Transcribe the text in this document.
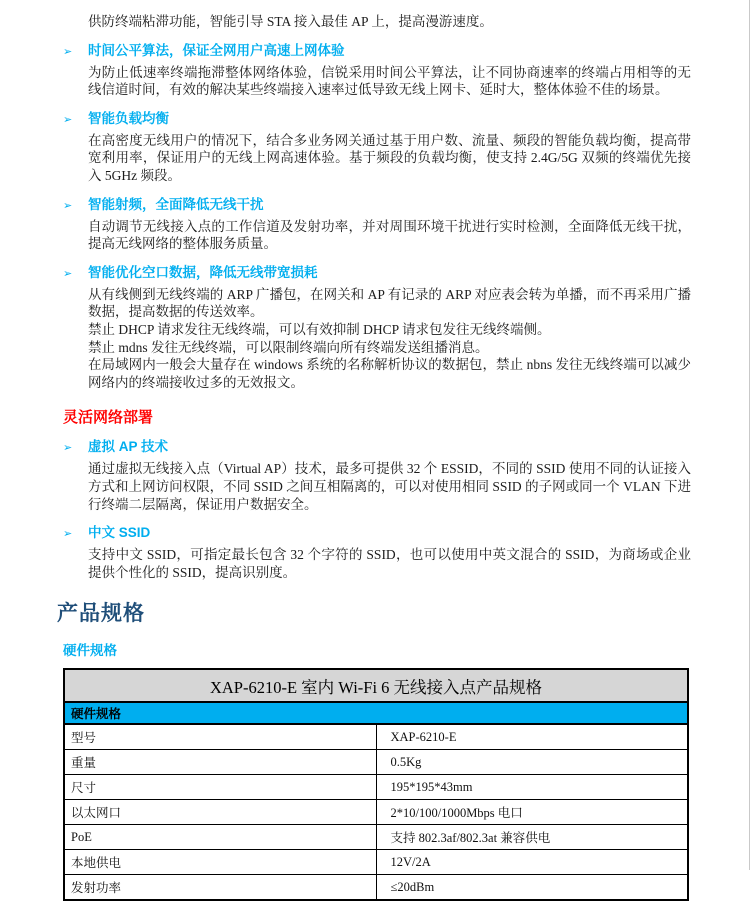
供防终端粘滞功能，智能引导 STA 接入最佳 AP 上，提高漫游速度。

➢	时间公平算法，保证全网用户高速上网体验

为防止低速率终端拖滞整体网络体验，信锐采用时间公平算法，让不同协商速率的终端占用相等的无线信道时间，有效的解决某些终端接入速率过低导致无线上网卡、延时大，整体体验不佳的场景。

➢	智能负载均衡

在高密度无线用户的情况下，结合多业务网关通过基于用户数、流量、频段的智能负载均衡，提高带宽利用率，保证用户的无线上网高速体验。基于频段的负载均衡，使支持 2.4G/5G 双频的终端优先接入 5GHz 频段。

➢	智能射频，全面降低无线干扰

自动调节无线接入点的工作信道及发射功率，并对周围环境干扰进行实时检测，全面降低无线干扰，提高无线网络的整体服务质量。

➢	智能优化空口数据，降低无线带宽损耗

从有线侧到无线终端的 ARP 广播包，在网关和 AP 有记录的 ARP 对应表会转为单播，而不再采用广播数据，提高数据的传送效率。

禁止 DHCP 请求发往无线终端，可以有效抑制 DHCP 请求包发往无线终端侧。

禁止 mdns 发往无线终端，可以限制终端向所有终端发送组播消息。

在局域网内一般会大量存在 windows 系统的名称解析协议的数据包，禁止 nbns 发往无线终端可以减少网络内的终端接收过多的无效报文。

灵活网络部署
➢	虚拟 AP 技术

通过虚拟无线接入点（Virtual AP）技术，最多可提供 32 个 ESSID，不同的 SSID 使用不同的认证接入方式和上网访问权限，不同 SSID 之间互相隔离的，可以对使用相同 SSID 的子网或同一个 VLAN 下进行终端二层隔离，保证用户数据安全。

➢	中文 SSID

支持中文 SSID，可指定最长包含 32 个字符的 SSID，也可以使用中英文混合的 SSID，为商场或企业提供个性化的 SSID，提高识别度。

产品规格
硬件规格
XAP-6210-E 室内 Wi-Fi 6 无线接入点产品规格	
硬件规格	
型号	XAP-6210-E
重量	0.5Kg
尺寸	195*195*43mm
以太网口	2*10/100/1000Mbps 电口
PoE	支持 802.3af/802.3at 兼容供电
本地供电	12V/2A
发射功率	≤20dBm
